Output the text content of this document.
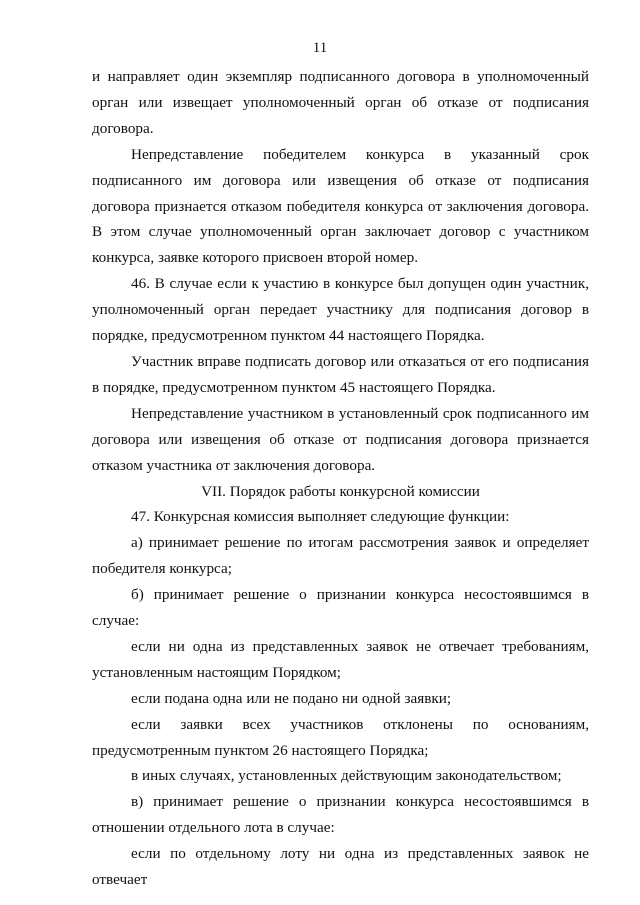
11

и направляет один экземпляр подписанного договора в уполномоченный орган или извещает уполномоченный орган об отказе от подписания договора.

Непредставление победителем конкурса в указанный срок подписанного им договора или извещения об отказе от подписания договора признается отказом победителя конкурса от заключения договора. В этом случае уполномоченный орган заключает договор с участником конкурса, заявке которого присвоен второй номер.

46. В случае если к участию в конкурсе был допущен один участник, уполномоченный орган передает участнику для подписания договор в порядке, предусмотренном пунктом 44 настоящего Порядка.

Участник вправе подписать договор или отказаться от его подписания в порядке, предусмотренном пунктом 45 настоящего Порядка.

Непредставление участником в установленный срок подписанного им договора или извещения об отказе от подписания договора признается отказом участника от заключения договора.

VII. Порядок работы конкурсной комиссии

47. Конкурсная комиссия выполняет следующие функции:

а) принимает решение по итогам рассмотрения заявок и определяет победителя конкурса;

б) принимает решение о признании конкурса несостоявшимся в случае:

если ни одна из представленных заявок не отвечает требованиям, установленным настоящим Порядком;

если подана одна или не подано ни одной заявки;

если заявки всех участников отклонены по основаниям, предусмотренным пунктом 26 настоящего Порядка;

в иных случаях, установленных действующим законодательством;

в) принимает решение о признании конкурса несостоявшимся в отношении отдельного лота в случае:

если по отдельному лоту ни одна из представленных заявок не отвечает
